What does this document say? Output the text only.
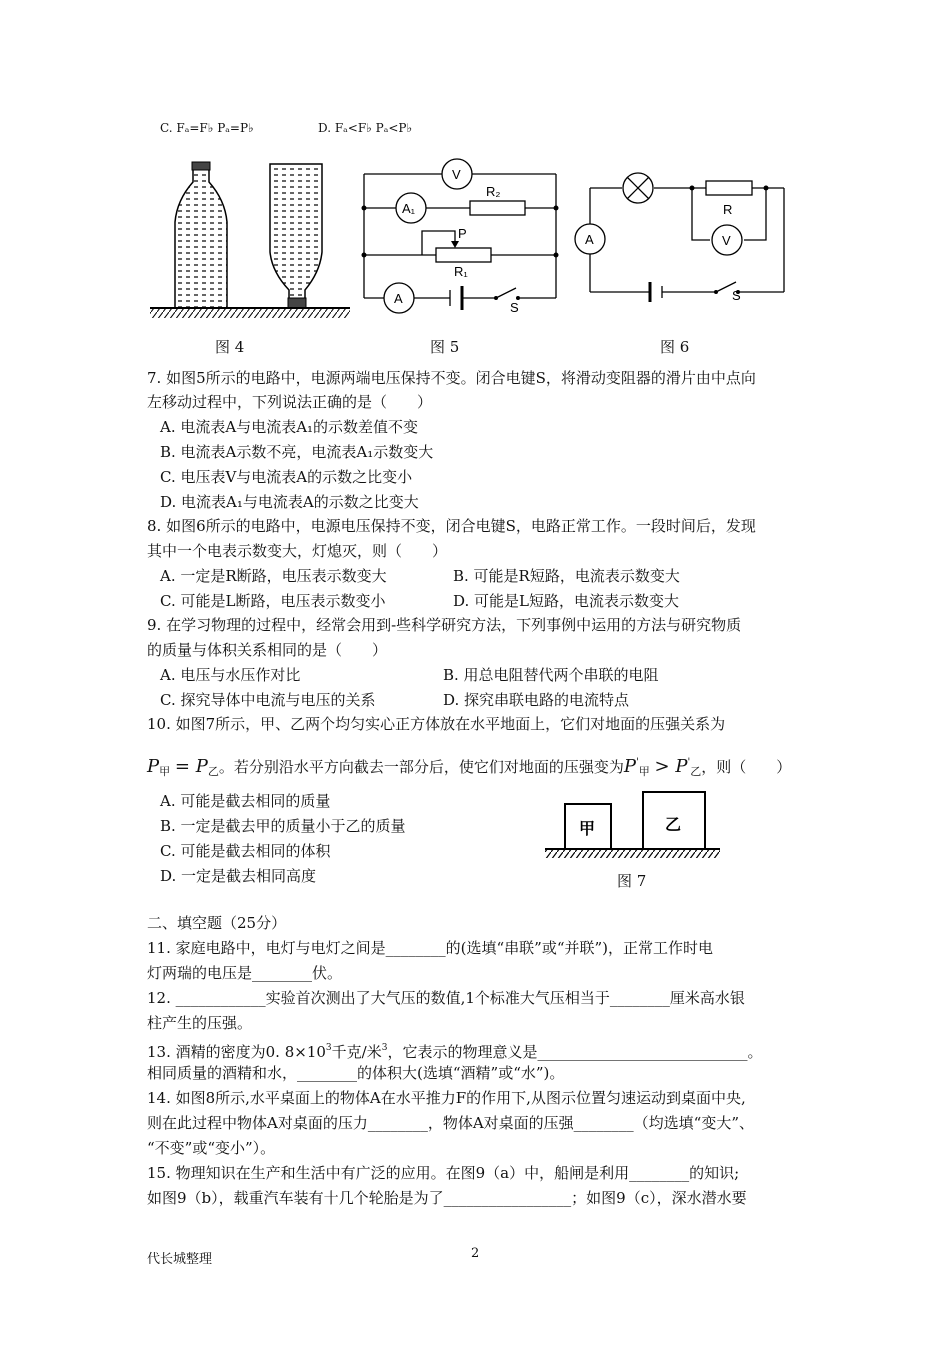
C. Fₐ=F♭ Pₐ=P♭	D. Fₐ<F♭ Pₐ<P♭
图 4
V
A₁
A
R₂
R₁
P
S
图 5
A	V
R
S
图 6
7. 如图5所示的电路中，电源两端电压保持不变。闭合电键S，将滑动变阻器的滑片由中点向
左移动过程中，下列说法正确的是（　　）
A. 电流表A与电流表A₁的示数差值不变
B. 电流表A示数不亮，电流表A₁示数变大
C. 电压表V与电流表A的示数之比变小
D. 电流表A₁与电流表A的示数之比变大
8. 如图6所示的电路中，电源电压保持不变，闭合电键S，电路正常工作。一段时间后，发现
其中一个电表示数变大，灯熄灭，则（　　）
A. 一定是R断路，电压表示数变大	B. 可能是R短路，电流表示数变大
C. 可能是L断路，电压表示数变小	D. 可能是L短路，电流表示数变大
9. 在学习物理的过程中，经常会用到-些科学研究方法，下列事例中运用的方法与研究物质
的质量与体积关系相同的是（　　）
A. 电压与水压作对比	B. 用总电阻替代两个串联的电阻
C. 探究导体中电流与电压的关系	D. 探究串联电路的电流特点
10. 如图7所示，甲、乙两个均匀实心正方体放在水平地面上，它们对地面的压强关系为
$P_甲 = P_乙$。若分别沿水平方向截去一部分后，使它们对地面的压强变为$P'_甲 > P'_乙$，则（　　）
A. 可能是截去相同的质量
B. 一定是截去甲的质量小于乙的质量
C. 可能是截去相同的体积
D. 一定是截去相同高度
甲	乙
图 7
二、填空题（25分）
11. 家庭电路中，电灯与电灯之间是________的(选填“串联”或“并联”)，正常工作时电
灯两瑞的电压是________伏。
12. ____________实验首次测出了大气压的数值,1个标准大气压相当于________厘米高水银
柱产生的压强。
13. 酒精的密度为0. $8\times 10^3$千克/米$^3$，它表示的物理意义是____________________________。
相同质量的酒精和水，________的体积大(选填“酒精”或“水”)。
14. 如图8所示,水平桌面上的物体A在水平推力F的作用下,从图示位置匀速运动到桌面中央,
则在此过程中物体A对桌面的压力________，物体A对桌面的压强________（均选填“变大”、
“不变”或“变小”）。
15. 物理知识在生产和生活中有广泛的应用。在图9（a）中，船闸是利用________的知识;
如图9（b），载重汽车装有十几个轮胎是为了_________________；如图9（c），深水潜水要
代长城整理	2
